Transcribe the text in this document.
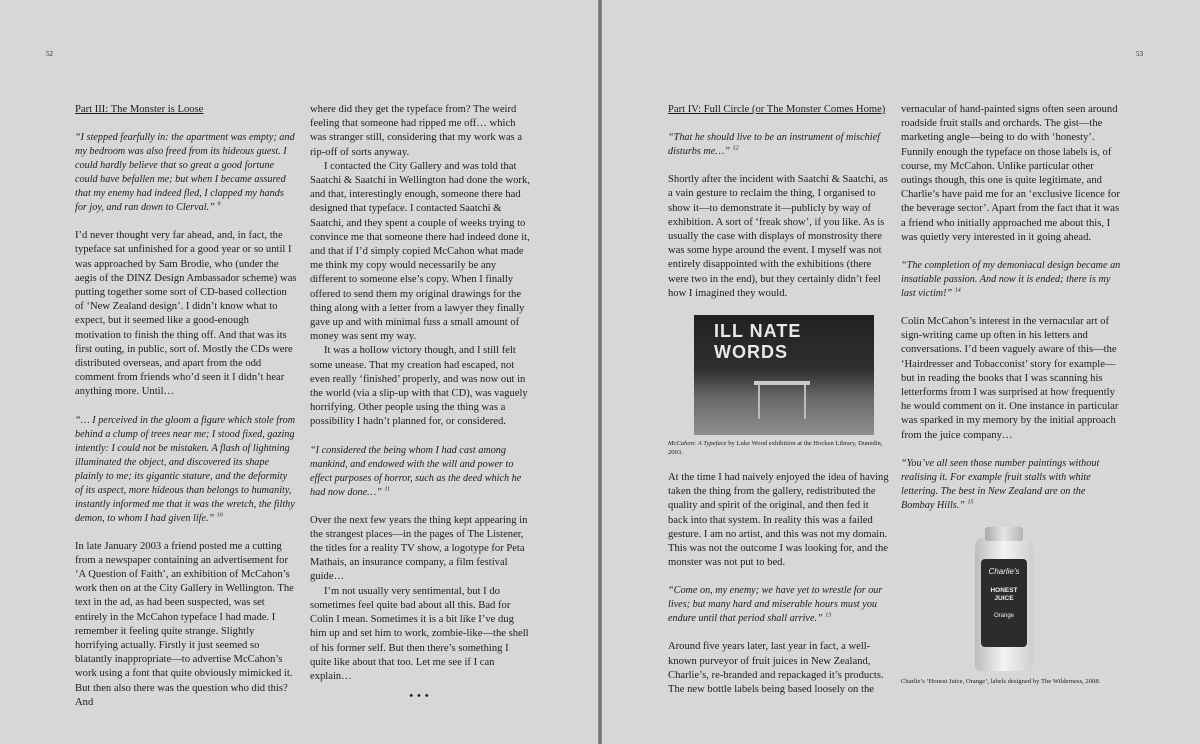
52

Part III: The Monster is Loose

“I stepped fearfully in: the apartment was empty; and my bedroom was also freed from its hideous guest. I could hardly believe that so great a good fortune could have befallen me; but when I became assured that my enemy had indeed fled, I clapped my hands for joy, and ran down to Clerval.” $^9$

I’d never thought very far ahead, and, in fact, the typeface sat unfinished for a good year or so until I was approached by Sam Brodie, who (under the aegis of the DINZ Design Ambassador scheme) was putting together some sort of CD-based collection of ‘New Zealand design’. I didn’t know what to expect, but it seemed like a good-enough motivation to finish the thing off. And that was its first outing, in public, sort of. Mostly the CDs were distributed overseas, and apart from the odd comment from friends who’d seen it I didn’t hear anything more. Until…

“… I perceived in the gloom a figure which stole from behind a clump of trees near me; I stood fixed, gazing intently: I could not be mistaken. A flash of lightning illuminated the object, and discovered its shape plainly to me; its gigantic stature, and the deformity of its aspect, more hideous than belongs to humanity, instantly informed me that it was the wretch, the filthy demon, to whom I had given life.” $^{10}$

In late January 2003 a friend posted me a cutting from a newspaper containing an advertisement for ‘A Question of Faith’, an exhibition of McCahon’s work then on at the City Gallery in Wellington. The text in the ad, as had been suspected, was set entirely in the McCahon typeface I had made. I remember it feeling quite strange. Slightly horrifying actually. Firstly it just seemed so blatantly inappropriate—to advertise McCahon’s work using a font that quite obviously mimicked it. But then also there was the question who did this? And

where did they get the typeface from? The weird feeling that someone had ripped me off… which was stranger still, considering that my work was a rip-off of sorts anyway.

I contacted the City Gallery and was told that Saatchi & Saatchi in Wellington had done the work, and that, interestingly enough, someone there had designed that typeface. I contacted Saatchi & Saatchi, and they spent a couple of weeks trying to convince me that someone there had indeed done it, and that if I’d simply copied McCahon what made me think my copy would necessarily be any different to someone else’s copy. When I finally offered to send them my original drawings for the thing along with a letter from a lawyer they finally gave up and with minimal fuss a small amount of money was sent my way.

It was a hollow victory though, and I still felt some unease. That my creation had escaped, not even really ‘finished’ properly, and was now out in the world (via a slip-up with that CD), was vaguely horrifying. Other people using the thing was a possibility I hadn’t planned for, or considered.

“I considered the being whom I had cast among mankind, and endowed with the will and power to effect purposes of horror, such as the deed which he had now done…” $^{11}$

Over the next few years the thing kept appearing in the strangest places—in the pages of The Listener, the titles for a reality TV show, a logotype for Peta Mathais, an insurance company, a film festival guide…

I’m not usually very sentimental, but I do sometimes feel quite bad about all this. Bad for Colin I mean. Sometimes it is a bit like I’ve dug him up and set him to work, zombie-like—the shell of his former self. But then there’s something I quite like about that too. Let me see if I can explain…

•••
53

Part IV: Full Circle (or The Monster Comes Home)

“That he should live to be an instrument of mischief disturbs me…” $^{12}$

Shortly after the incident with Saatchi & Saatchi, as a vain gesture to reclaim the thing, I organised to show it—to demonstrate it—publicly by way of exhibition. A sort of ‘freak show’, if you like. As is usually the case with displays of monstrosity there was some hype around the event. I myself was not entirely disappointed with the exhibitions (there were two in the end), but they certainly didn’t feel how I imagined they would.

ILL NATE WORDS

McCahon: A Typeface by Luke Wood exhibition at the Hocken Library, Dunedin, 2003.

At the time I had naively enjoyed the idea of having taken the thing from the gallery, redistributed the quality and spirit of the original, and then fed it back into that system. In reality this was a failed gesture. I am no artist, and this was not my domain. This was not the outcome I was looking for, and the monster was not put to bed.

“Come on, my enemy; we have yet to wrestle for our lives; but many hard and miserable hours must you endure until that period shall arrive.” $^{13}$

Around five years later, last year in fact, a well-known purveyor of fruit juices in New Zealand, Charlie’s, re-branded and repackaged it’s products. The new bottle labels being based loosely on the

vernacular of hand-painted signs often seen around roadside fruit stalls and orchards. The gist—the marketing angle—being to do with ‘honesty’. Funnily enough the typeface on those labels is, of course, my McCahon. Unlike particular other outings though, this one is quite legitimate, and Charlie’s have paid me for an ‘exclusive licence for the beverage sector’. Apart from the fact that it was a friend who initially approached me about this, I was quietly very interested in it going ahead.

“The completion of my demoniacal design became an insatiable passion. And now it is ended; there is my last victim!” $^{14}$

Colin McCahon’s interest in the vernacular art of sign-writing came up often in his letters and conversations. I’d been vaguely aware of this—the ‘Hairdresser and Tobacconist’ story for example—but in reading the books that I was scanning his letterforms from I was surprised at how frequently he would comment on it. One instance in particular was sparked in my memory by the initial approach from the juice company…

“You’ve all seen those number paintings without realising it. For example fruit stalls with white lettering. The best in New Zealand are on the Bombay Hills.” $^{15}$

Charlie's
HONEST JUICE
Orange

Charlie’s ‘Honest Juice, Orange’, labels designed by The Wilderness, 2008.
